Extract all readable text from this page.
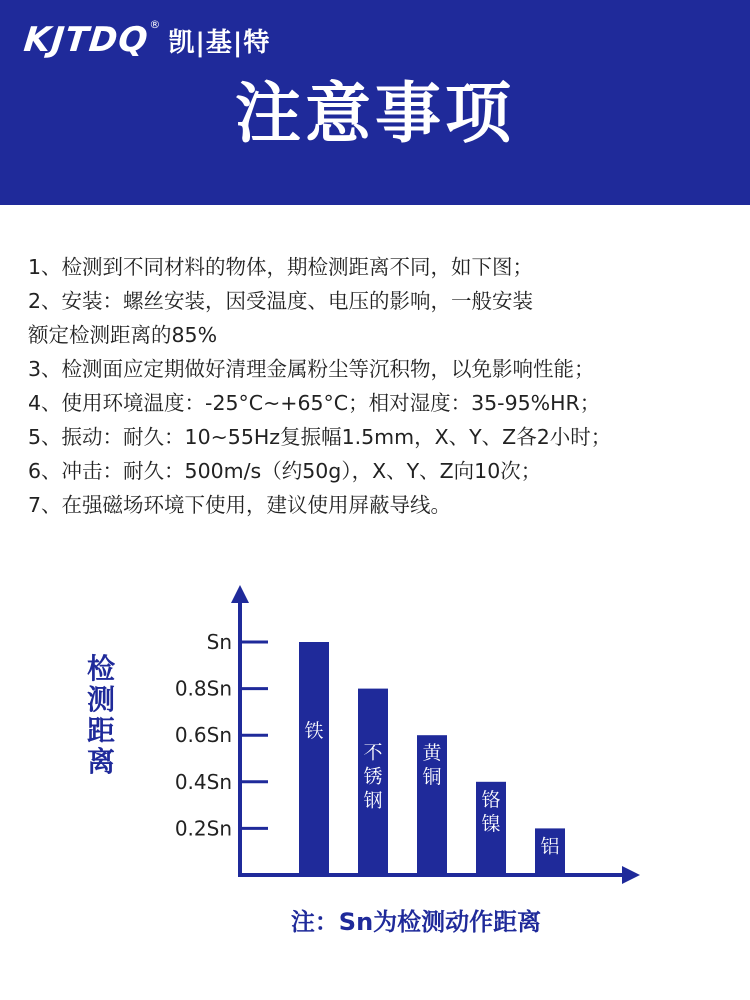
KJTDQ
®
凯|基|特
注意事项
1、检测到不同材料的物体，期检测距离不同，如下图；
2、安装：螺丝安装，因受温度、电压的影响，一般安装
额定检测距离的85%
3、检测面应定期做好清理金属粉尘等沉积物，以免影响性能；
4、使用环境温度：-25°C~+65°C；相对湿度：35-95%HR；
5、振动：耐久：10~55Hz复振幅1.5mm，X、Y、Z各2小时；
6、冲击：耐久：500m/s（约50g），X、Y、Z向10次；
7、在强磁场环境下使用，建议使用屏蔽导线。
0.2Sn
0.4Sn
0.6Sn
0.8Sn
Sn
检
测
距
离
铁
不
锈
钢
黄
铜
铬
镍
铝
注：Sn为检测动作距离
